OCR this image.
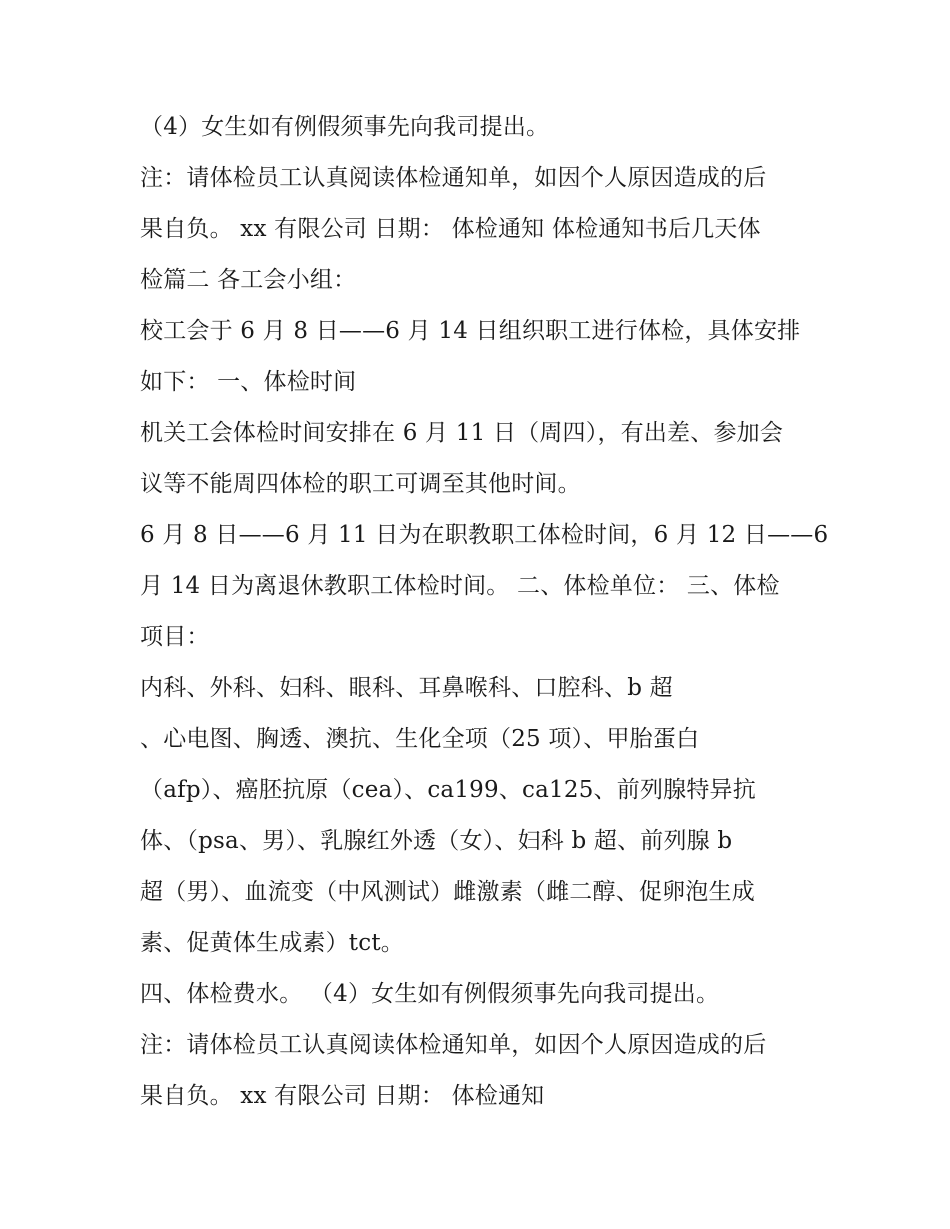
（4）女生如有例假须事先向我司提出。
注：请体检员工认真阅读体检通知单，如因个人原因造成的后
果自负。 xx 有限公司 日期： 体检通知 体检通知书后几天体
检篇二 各工会小组：
校工会于 6 月 8 日——6 月 14 日组织职工进行体检，具体安排
如下： 一、体检时间
机关工会体检时间安排在 6 月 11 日（周四），有出差、参加会
议等不能周四体检的职工可调至其他时间。
6 月 8 日——6 月 11 日为在职教职工体检时间，6 月 12 日——6
月 14 日为离退休教职工体检时间。 二、体检单位： 三、体检
项目：
内科、外科、妇科、眼科、耳鼻喉科、口腔科、b 超
、心电图、胸透、澳抗、生化全项（25 项）、甲胎蛋白
（afp）、癌胚抗原（cea）、ca199、ca125、前列腺特异抗
体、（psa、男）、乳腺红外透（女）、妇科 b 超、前列腺 b
超（男）、血流变（中风测试）雌激素（雌二醇、促卵泡生成
素、促黄体生成素）tct。
四、体检费水。 （4）女生如有例假须事先向我司提出。
注：请体检员工认真阅读体检通知单，如因个人原因造成的后
果自负。 xx 有限公司 日期： 体检通知
